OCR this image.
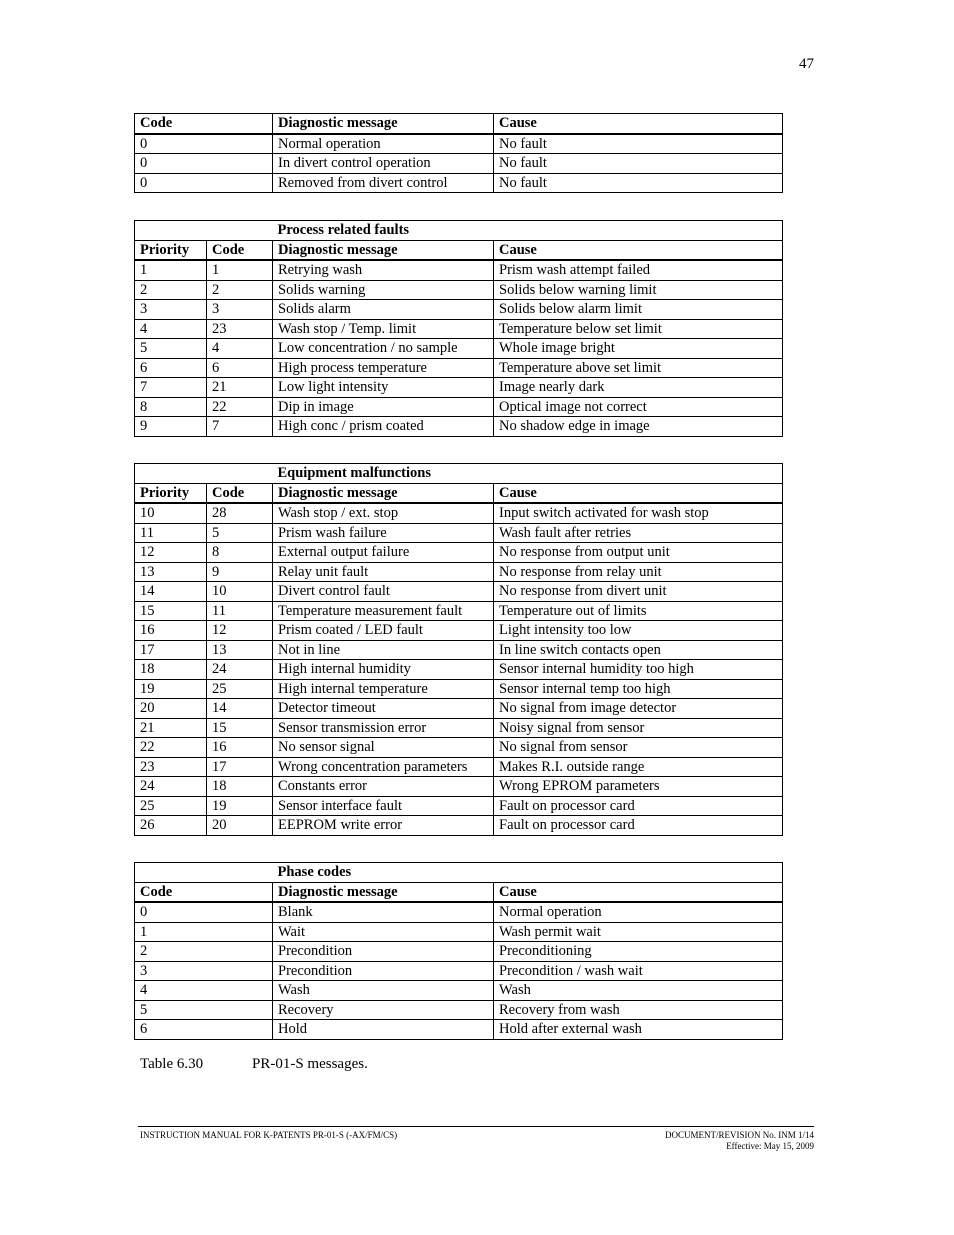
47
Code	Diagnostic message	Cause
0	Normal operation	No fault
0	In divert control operation	No fault
0	Removed from divert control	No fault
		Process related faults	
Priority	Code	Diagnostic message	Cause
1	1	Retrying wash	Prism wash attempt failed
2	2	Solids warning	Solids below warning limit
3	3	Solids alarm	Solids below alarm limit
4	23	Wash stop / Temp. limit	Temperature below set limit
5	4	Low concentration / no sample	Whole image bright
6	6	High process temperature	Temperature above set limit
7	21	Low light intensity	Image nearly dark
8	22	Dip in image	Optical image not correct
9	7	High conc / prism coated	No shadow edge in image
		Equipment malfunctions	
Priority	Code	Diagnostic message	Cause
10	28	Wash stop / ext. stop	Input switch activated for wash stop
11	5	Prism wash failure	Wash fault after retries
12	8	External output failure	No response from output unit
13	9	Relay unit fault	No response from relay unit
14	10	Divert control fault	No response from divert unit
15	11	Temperature measurement fault	Temperature out of limits
16	12	Prism coated / LED fault	Light intensity too low
17	13	Not in line	In line switch contacts open
18	24	High internal humidity	Sensor internal humidity too high
19	25	High internal temperature	Sensor internal temp too high
20	14	Detector timeout	No signal from image detector
21	15	Sensor transmission error	Noisy signal from sensor
22	16	No sensor signal	No signal from sensor
23	17	Wrong concentration parameters	Makes R.I. outside range
24	18	Constants error	Wrong EPROM parameters
25	19	Sensor interface fault	Fault on processor card
26	20	EEPROM write error	Fault on processor card
	Phase codes	
Code	Diagnostic message	Cause
0	Blank	Normal operation
1	Wait	Wash permit wait
2	Precondition	Preconditioning
3	Precondition	Precondition / wash wait
4	Wash	Wash
5	Recovery	Recovery from wash
6	Hold	Hold after external wash
Table 6.30	PR-01-S messages.
INSTRUCTION MANUAL FOR K-PATENTS PR-01-S (-AX/FM/CS)	DOCUMENT/REVISION No. INM 1/14
Effective: May 15, 2009
